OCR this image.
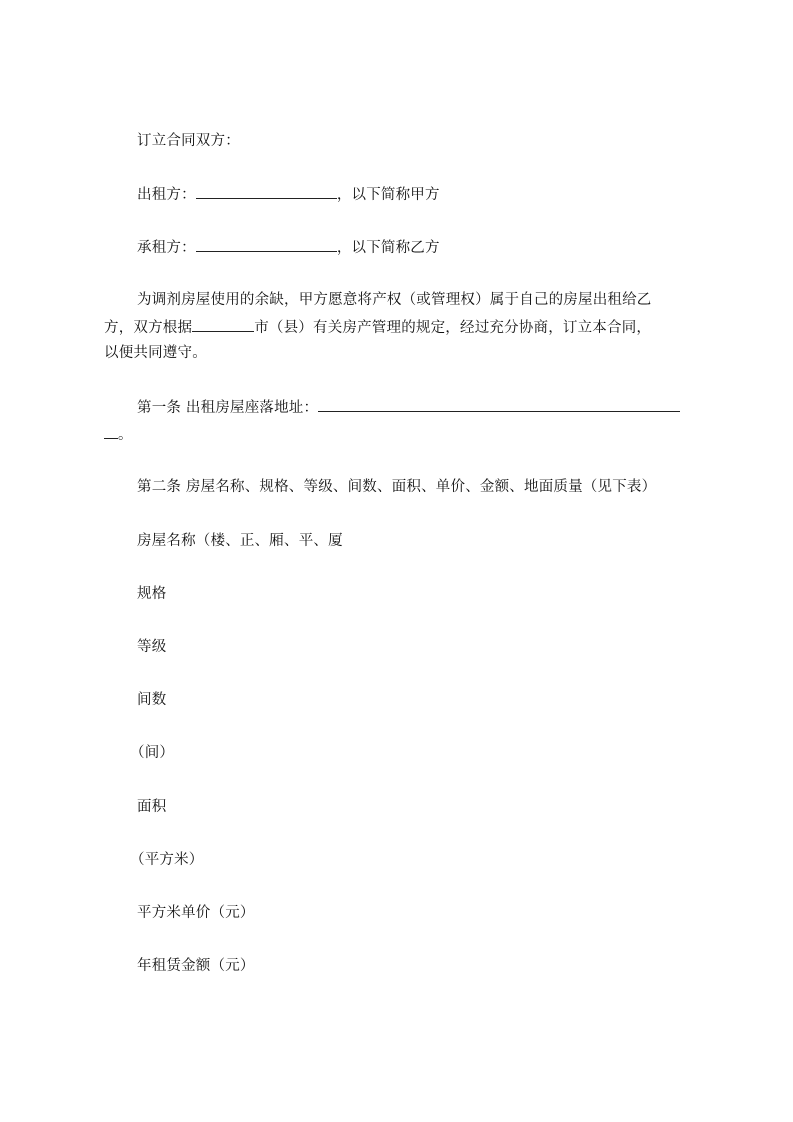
订立合同双方：
出租方：	，以下简称甲方
承租方：	，以下简称乙方
为调剂房屋使用的余缺，甲方愿意将产权（或管理权）属于自己的房屋出租给乙
方，双方根据	市（县）有关房产管理的规定，经过充分协商，订立本合同，
以便共同遵守。
第一条 出租房屋座落地址：
。
第二条 房屋名称、规格、等级、间数、面积、单价、金额、地面质量（见下表）
房屋名称（楼、正、厢、平、厦
规格
等级
间数
（间）
面积
（平方米）
平方米单价（元）
年租赁金额（元）
